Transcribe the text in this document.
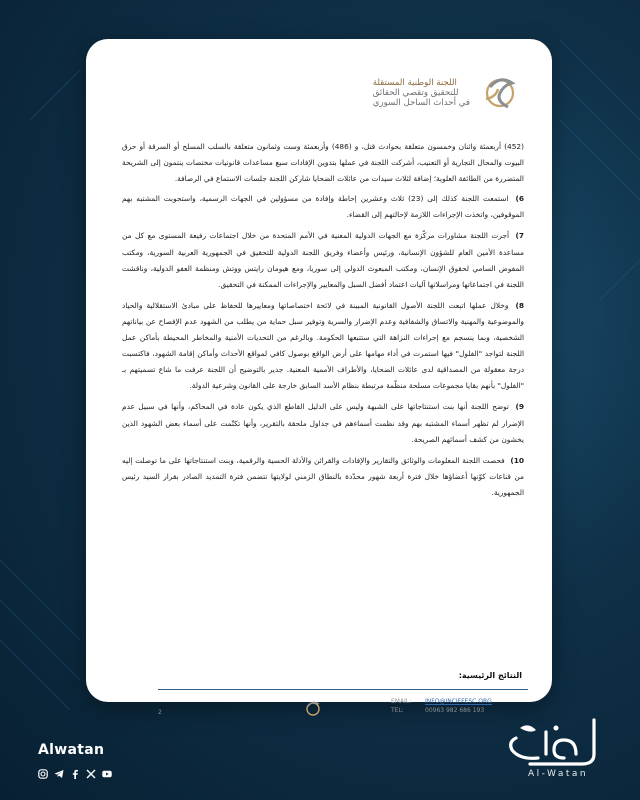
اللجنة الوطنية المستقلة
للتحقيق وتقصي الحقائق
في أحداث الساحل السوري

(452) أربعمئة واثنان وخمسون متعلقة بحوادث قتل، و (486) وأربعمئة وست وثمانون متعلقة بالسلب المسلح أو السرقة أو حرق البيوت والمحال التجارية أو التعنيب، أشركت اللجنة في عملها بتدوين الإفادات سبع مساعدات قانونيات مختصات ينتمون إلى الشريحة المتضررة من الطائفة العلوية؛ إضافة لثلاث سيدات من عائلات الضحايا شاركن اللجنة جلسات الاستماع في الرصافة.

6) استمعت اللجنة كذلك إلى (23) ثلاث وعشرين إحاطة وإفادة من مسؤولين في الجهات الرسمية، واستجوبت المشتبه بهم الموقوفين، واتخذت الإجراءات اللازمة لإحالتهم إلى القضاء.

7) أجرت اللجنة مشاورات مركّزة مع الجهات الدولية المعنية في الأمم المتحدة من خلال اجتماعات رفيعة المستوى مع كل من مساعدة الأمين العام للشؤون الإنسانية، ورئيس وأعضاء وفريق اللجنة الدولية للتحقيق في الجمهورية العربية السورية، ومكتب المفوض السامي لحقوق الإنسان، ومكتب المبعوث الدولي إلى سوريا، ومع هيومان رايتس ووتش ومنظمة العفو الدولية، وناقشت اللجنة في اجتماعاتها ومراسلاتها آليات اعتماد أفضل السبل والمعايير والإجراءات الممكنة في التحقيق.

8) وخلال عملها اتبعت اللجنة الأصول القانونية المبينة في لائحة اختصاصاتها ومعاييرها للحفاظ على مبادئ الاستقلالية والحياد والموضوعية والمهنية والاتساق والشفافية وعدم الإضرار والسرية وتوفير سبل حماية من يطلب من الشهود عدم الإفصاح عن بياناتهم الشخصية، وبما ينسجم مع إجراءات النزاهة التي ستتبعها الحكومة. وبالرغم من التحديات الأمنية والمخاطر المحيطة بأماكن عمل اللجنة لتواجد "الفلول" فيها استمرت في أداء مهامها على أرض الواقع بوصول كافي لمواقع الأحداث وأماكن إقامة الشهود، فاكتسبت درجة معقولة من المصداقية لدى عائلات الضحايا، والأطراف الأممية المعنية. جدير بالتوضيح أن اللجنة عرفت ما شاع تسميتهم بـ "الفلول" بأنهم بقايا مجموعات مسلحة منظّمة مرتبطة بنظام الأسد السابق خارجة على القانون وشرعية الدولة.

9) توضح اللجنة أنها بنت استنتاجاتها على الشبهة وليس على الدليل القاطع الذي يكون عادة في المحاكم، وأنها في سبيل عدم الإضرار لم تظهر أسماء المشتبه بهم وقد نظمت أسماءهم في جداول ملحقة بالتقرير، وأنها تكتّمت على أسماء بعض الشهود الذين يخشون من كشف أسمائهم الصريحة.

10) فحصت اللجنة المعلومات والوثائق والتقارير والإفادات والقرائن والأدلة الحسية والرقمية، وبنت استنتاجاتها على ما توصلت إليه من قناعات كوّنها أعضاؤها خلال فترة أربعة شهور محدّدة بالنطاق الزمني لولايتها تتضمن فترة التمديد الصادر بقرار السيد رئيس الجمهورية.

النتائج الرئيسية:
2
EMAIL: INFO@INCIFFESC.ORG
TEL:	00963 982 686 193
Alwatan
Al-Watan
